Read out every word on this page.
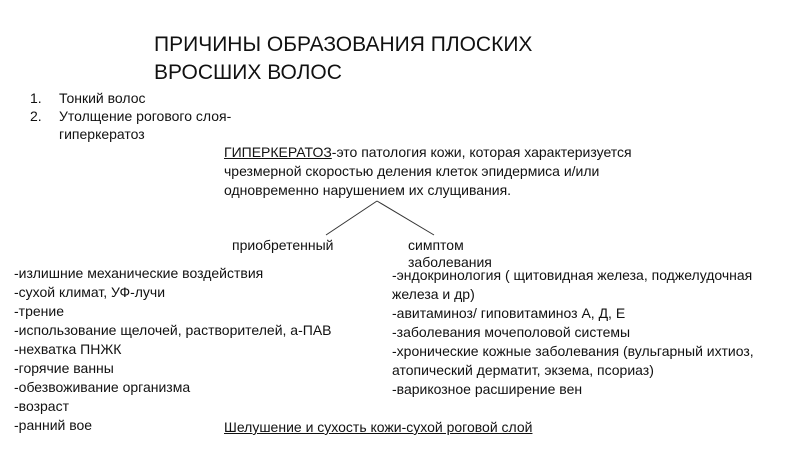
ПРИЧИНЫ ОБРАЗОВАНИЯ ПЛОСКИХ
ВРОСШИХ ВОЛОС
1. Тонкий волос
2. Утолщение рогового слоя-гиперкератоз
ГИПЕРКЕРАТОЗ-это патология кожи, которая характеризуется чрезмерной скоростью деления клеток эпидермиса и/или одновременно нарушением их слущивания.
приобретенный	симптом заболевания
-излишние механические воздействия
-сухой климат, УФ-лучи
-трение
-использование щелочей, растворителей, а-ПАВ
-нехватка ПНЖК
-горячие ванны
-обезвоживание организма
-возраст
-ранний вое
-эндокринология ( щитовидная железа, поджелудочная железа и др)
-авитаминоз/ гиповитаминоз А, Д, Е
-заболевания мочеполовой системы
-хронические кожные заболевания (вульгарный ихтиоз,
атопический дерматит, экзема, псориаз)
-варикозное расширение вен
Шелушение и сухость кожи-сухой роговой слой
